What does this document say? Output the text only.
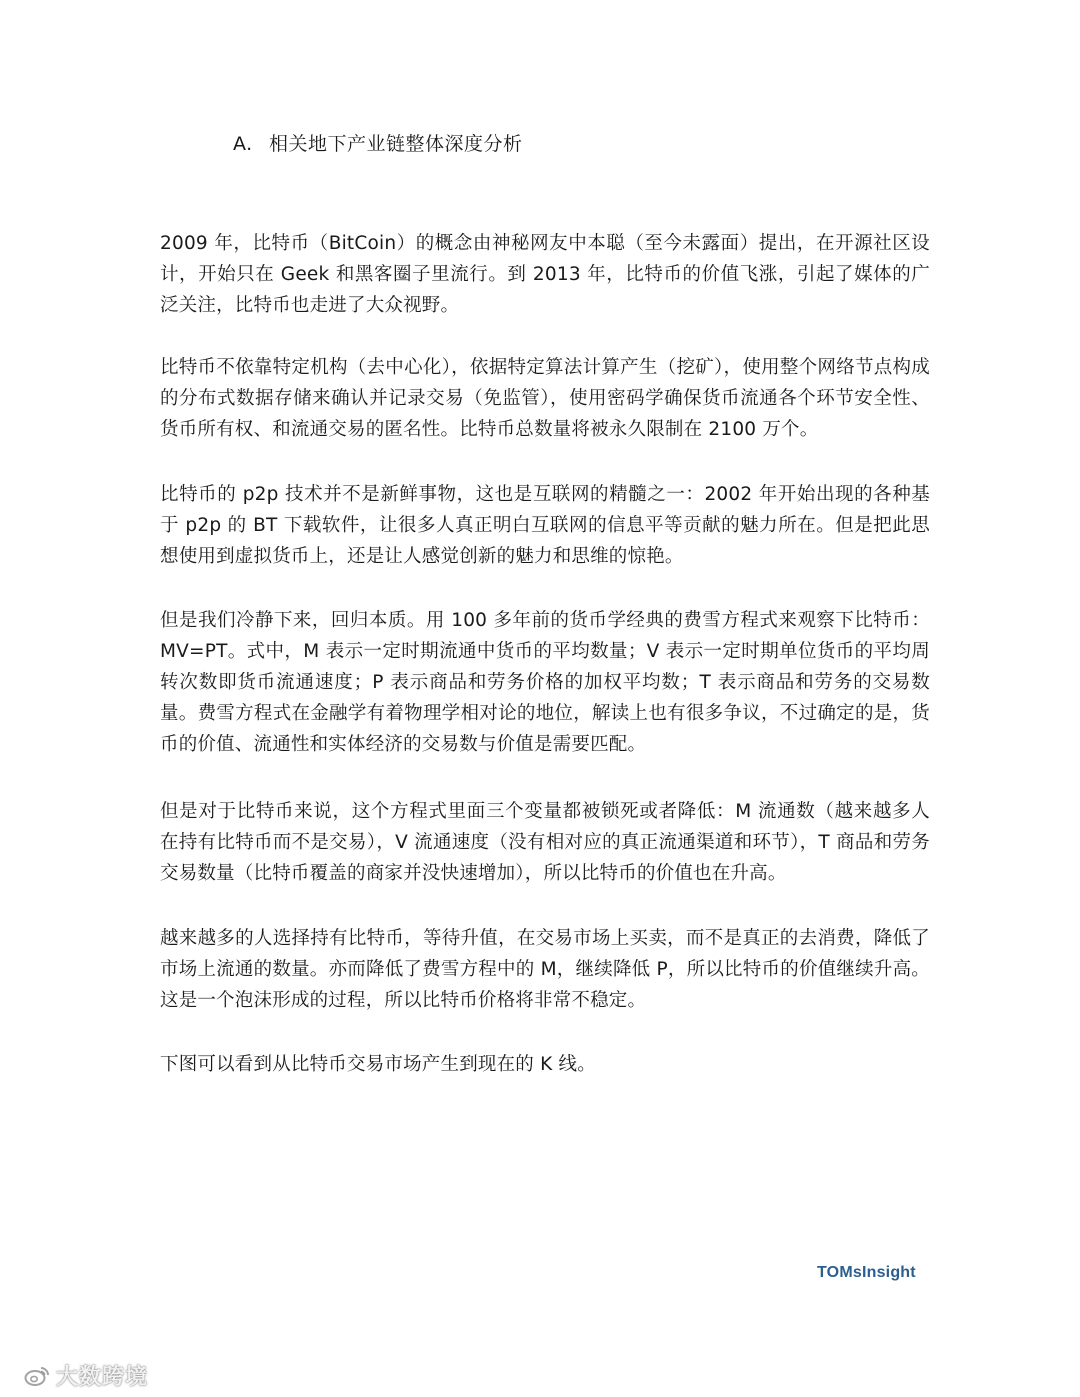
A. 相关地下产业链整体深度分析

2009 年，比特币（BitCoin）的概念由神秘网友中本聪（至今未露面）提出，在开源社区设计，开始只在 Geek 和黑客圈子里流行。到 2013 年，比特币的价值飞涨，引起了媒体的广泛关注，比特币也走进了大众视野。

比特币不依靠特定机构（去中心化），依据特定算法计算产生（挖矿），使用整个网络节点构成的分布式数据存储来确认并记录交易（免监管），使用密码学确保货币流通各个环节安全性、货币所有权、和流通交易的匿名性。比特币总数量将被永久限制在 2100 万个。

比特币的 p2p 技术并不是新鲜事物，这也是互联网的精髓之一：2002 年开始出现的各种基于 p2p 的 BT 下载软件，让很多人真正明白互联网的信息平等贡献的魅力所在。但是把此思想使用到虚拟货币上，还是让人感觉创新的魅力和思维的惊艳。

但是我们冷静下来，回归本质。用 100 多年前的货币学经典的费雪方程式来观察下比特币：MV=PT。式中，M 表示一定时期流通中货币的平均数量；V 表示一定时期单位货币的平均周转次数即货币流通速度；P 表示商品和劳务价格的加权平均数；T 表示商品和劳务的交易数量。费雪方程式在金融学有着物理学相对论的地位，解读上也有很多争议，不过确定的是，货币的价值、流通性和实体经济的交易数与价值是需要匹配。

但是对于比特币来说，这个方程式里面三个变量都被锁死或者降低：M 流通数（越来越多人在持有比特币而不是交易），V 流通速度（没有相对应的真正流通渠道和环节），T 商品和劳务交易数量（比特币覆盖的商家并没快速增加），所以比特币的价值也在升高。

越来越多的人选择持有比特币，等待升值，在交易市场上买卖，而不是真正的去消费，降低了市场上流通的数量。亦而降低了费雪方程中的 M，继续降低 P，所以比特币的价值继续升高。这是一个泡沫形成的过程，所以比特币价格将非常不稳定。

下图可以看到从比特币交易市场产生到现在的 K 线。

TOMsInsight
大数跨境
